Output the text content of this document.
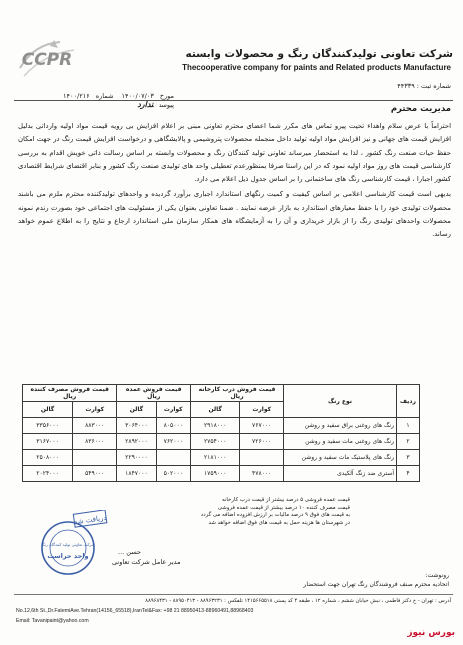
CCPR	شرکت تعاونی تولیدکنندگان رنگ و محصولات وابسته
Thecooperative company for paints and Related products Manufacture
شماره ثبت : ۴۴۳۳۹
مورخ۱۴۰۰/۰۷/۰۳ شماره۱۴۰۰/۲۱۶ پیوستندارد	مدیریت محترم

احتراماً با عرض سلام واهداء تحیت پیرو تماس های مکرر شما اعضای محترم تعاونی مبنی بر اعلام افزایش بی رویه قیمت مواد اولیه وارداتی بدلیل افزایش قیمت های جهانی و نیز افزایش مواد اولیه تولید داخل منجمله محصولات پتروشیمی و پالایشگاهی و درخواست افزایش قیمت رنگ در جهت امکان حفظ حیات صنعت رنگ کشور ، لذا به استحضار میرساند تعاونی تولید کنندگان رنگ و محصولات وابسته بر اساس رسالت ذاتی خویش اقدام به بررسی کارشناسی قیمت های روز مواد اولیه نمود که در این راستا صرفا بمنظورعدم تعطیلی واحد های تولیدی صنعت رنگ کشور و بنابر اقتضای شرایط اقتصادی کشور اجبارا ، قیمت کارشناسی رنگ های ساختمانی را بر اساس جدول ذیل اعلام می دارد.

بدیهی است قیمت کارشناسی اعلامی بر اساس کیفیت و کمیت رنگهای استاندارد اجباری برآورد گردیده و واحدهای تولیدکننده محترم ملزم می باشند محصولات تولیدی خود را با حفظ معیارهای استاندارد به بازار عرضه نمایند . ضمنا تعاونی بعنوان یکی از مسئولیت های اجتماعی خود بصورت رندم نمونه محصولات واحدهای تولیدی رنگ را از بازار خریداری و آن را به آزمایشگاه های همکار سازمان ملی استاندارد ارجاع و نتایج را به اطلاع عموم خواهد رساند.

ردیف	نوع رنگ	قیمت فروش درب کارخانه ریال		قیمت فروش عمده ریال		قیمت فروش مصرف کننده ریال	
		کوارت	گالن	کوارت	گالن	کوارت	گالن
۱	رنگ های روغنی براق سفید و روشن	۷۶۷۰۰۰	۲۹۱۸۰۰۰	۸۰۵۰۰۰	۳۰۶۴۰۰۰	۸۸۳۰۰۰	۳۳۵۶۰۰۰
۲	رنگ های روغنی مات سفید و روشن	۷۲۶۰۰۰	۲۷۵۴۰۰۰	۷۶۲۰۰۰	۲۸۹۲۰۰۰	۸۳۶۰۰۰	۳۱۶۷۰۰۰
۳	رنگ های پلاستیک مات سفید و روشن		۲۱۸۱۰۰۰		۲۲۹۰۰۰۰		۲۵۰۸۰۰۰
۴	آستری ضد زنگ آلکیدی	۴۷۸۰۰۰	۱۷۵۹۰۰۰	۵۰۲۰۰۰	۱۸۴۷۰۰۰	۵۴۹۰۰۰	۲۰۲۴۰۰۰
قیمت عمده فروشی ۵ درصد بیشتر از قیمت درب کارخانه
قیمت مصرف کننده ۱۰ درصد بیشتر از قیمت عمده فروشی
به قیمت های فوق ۹ درصد مالیات بر ارزش افزوده اضافه می گردد
در شهرستان ها هزینه حمل به قیمت های فوق اضافه خواهد شد
دریافت شد
شرکت تعاونی تولید کنندگان رنگ
واحد حراست	حسن ...
مدیر عامل شرکت تعاونی
رونوشت:
اتحادیه محترم صنف فروشندگان رنگ تهران جهت استحضار
آدرس : تهران - خ دکتر فاطمی ، نبش خیابان ششم ، شماره ۱۲ ، طبقه ۴ کد پستی ۱۴۱۵۶۶۵۵۱۸ تلفکس : ۸۸۹۶۳۲۳۱ - ۸۸۹۵۰۴۱۳ - ۸۸۹۶۸۴۳۱
No.12,6th St.,Dr.FatemiAve.Tehran(14156_65518),IranTel&Fax: +98 21 88950413-88960491,88968403
Email: Tavanipaint@yahoo.com
بورس نیوز
